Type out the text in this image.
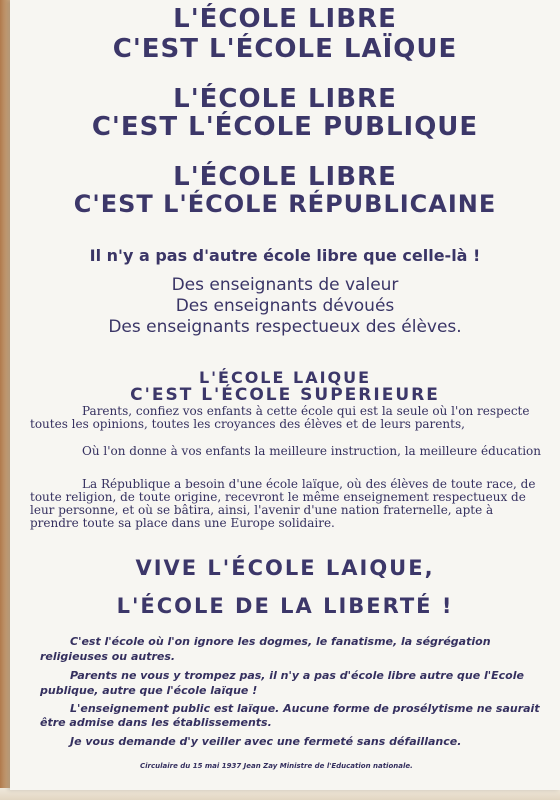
L'ÉCOLE LIBRE
C'EST L'ÉCOLE LAÏQUE
L'ÉCOLE LIBRE
C'EST L'ÉCOLE PUBLIQUE
L'ÉCOLE LIBRE
C'EST L'ÉCOLE RÉPUBLICAINE
Il n'y a pas d'autre école libre que celle-là !
Des enseignants de valeur
Des enseignants dévoués
Des enseignants respectueux des élèves.
L'ÉCOLE LAIQUE
C'EST L'ÉCOLE SUPERIEURE
Parents, confiez vos enfants à cette école qui est la seule où l'on respecte toutes les opinions, toutes les croyances des élèves et de leurs parents,
Où l'on donne à vos enfants la meilleure instruction, la meilleure éducation
La République a besoin d'une école laïque, où des élèves de toute race, de toute religion, de toute origine, recevront le même enseignement respectueux de leur personne, et où se bâtira, ainsi, l'avenir d'une nation fraternelle, apte à prendre toute sa place dans une Europe solidaire.
VIVE L'ÉCOLE LAIQUE,
L'ÉCOLE DE LA LIBERTÉ !
C'est l'école où l'on ignore les dogmes, le fanatisme, la ségrégation religieuses ou autres.
Parents ne vous y trompez pas, il n'y a pas d'école libre autre que l'Ecole publique, autre que l'école laïque !
L'enseignement public est laïque. Aucune forme de prosélytisme ne saurait être admise dans les établissements.
Je vous demande d'y veiller avec une fermeté sans défaillance.
Circulaire du 15 mai 1937 Jean Zay Ministre de l'Education nationale.
